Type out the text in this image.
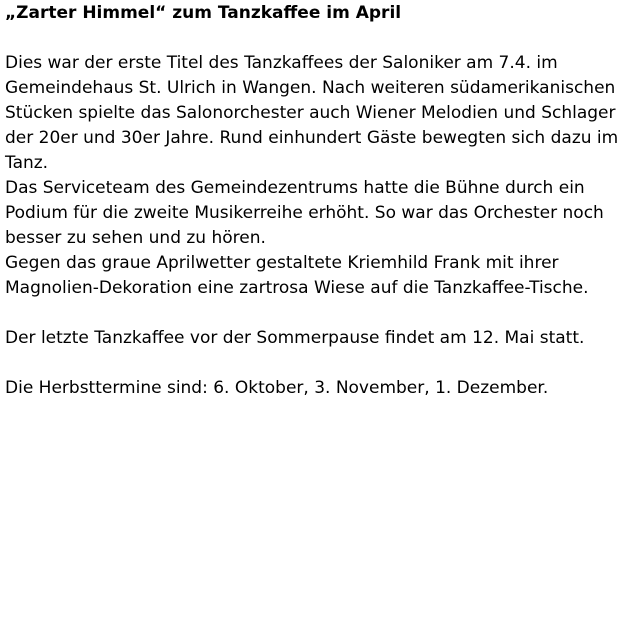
„Zarter Himmel“ zum Tanzkaffee im April

Dies war der erste Titel des Tanzkaffees der Saloniker am 7.4. im Gemeindehaus St. Ulrich in Wangen. Nach weiteren südamerikanischen Stücken spielte das Salonorchester auch Wiener Melodien und Schlager der 20er und 30er Jahre. Rund einhundert Gäste bewegten sich dazu im Tanz.

Das Serviceteam des Gemeindezentrums hatte die Bühne durch ein Podium für die zweite Musikerreihe erhöht. So war das Orchester noch besser zu sehen und zu hören.

Gegen das graue Aprilwetter gestaltete Kriemhild Frank mit ihrer Magnolien-Dekoration eine zartrosa Wiese auf die Tanzkaffee-Tische.

Der letzte Tanzkaffee vor der Sommerpause findet am 12. Mai statt.

Die Herbsttermine sind: 6. Oktober, 3. November, 1. Dezember.
